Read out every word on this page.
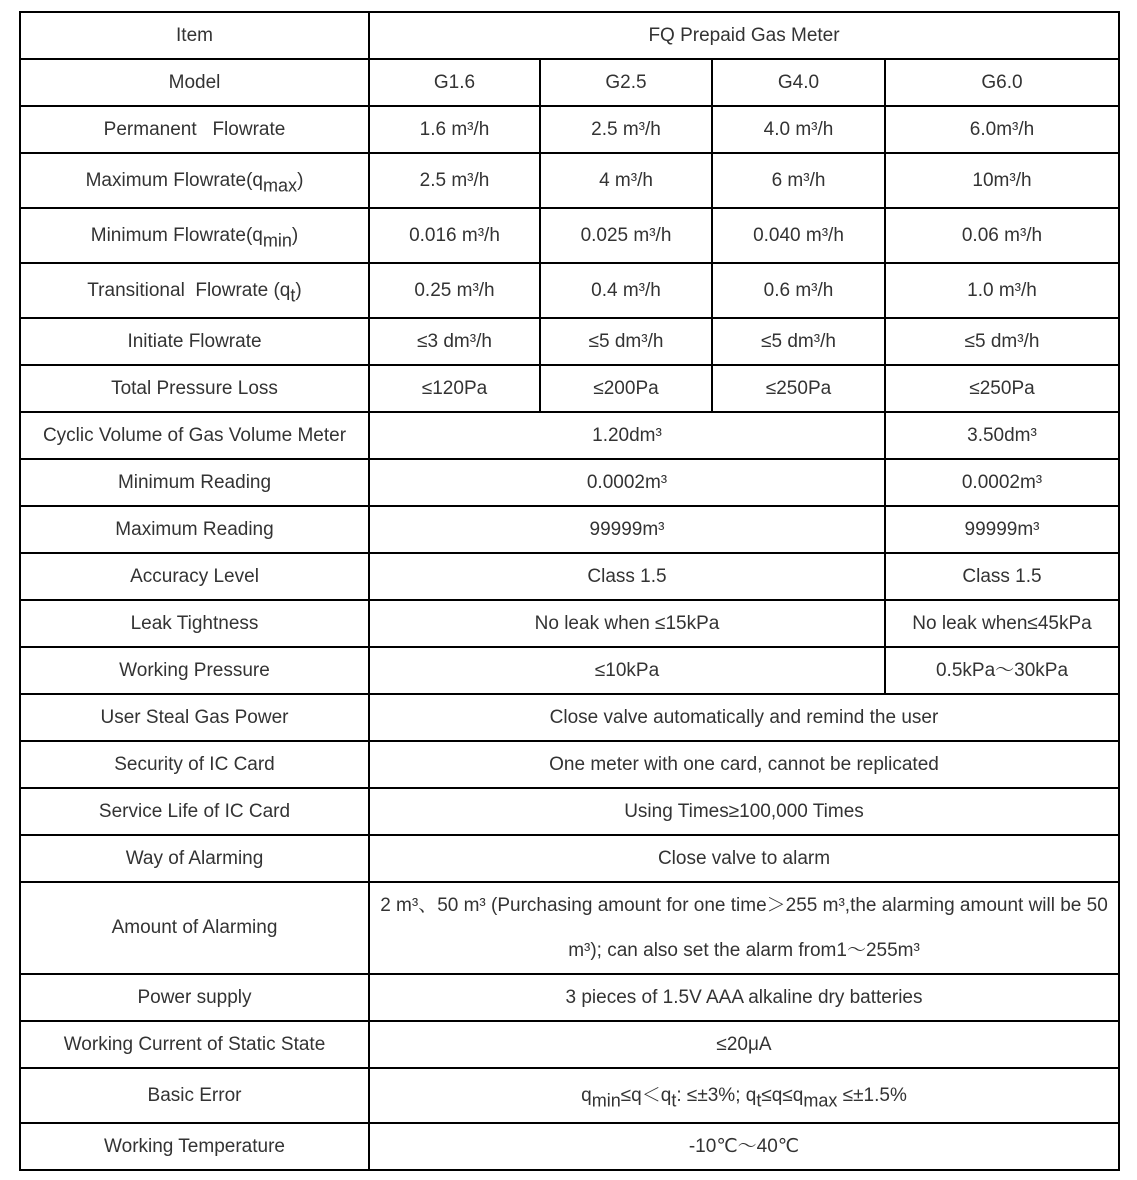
Item	FQ Prepaid Gas Meter			
Model	G1.6	G2.5	G4.0	G6.0
Permanent   Flowrate	1.6 m³/h	2.5 m³/h	4.0 m³/h	6.0m³/h
Maximum $Flowrate(q_{max})$	2.5 m³/h	4 m³/h	6 m³/h	10m³/h
Minimum $Flowrate(q_{min})$	0.016 m³/h	0.025 m³/h	0.040 m³/h	0.06 m³/h
Transitional  Flowrate $(q_t)$	0.25 m³/h	0.4 m³/h	0.6 m³/h	1.0 m³/h
Initiate Flowrate	≤3 dm³/h	≤5 dm³/h	≤5 dm³/h	≤5 dm³/h
Total Pressure Loss	≤120Pa	≤200Pa	≤250Pa	≤250Pa
Cyclic Volume of Gas Volume Meter	1.20dm³			3.50dm³
Minimum Reading	0.0002m³			0.0002m³
Maximum Reading	99999m³			99999m³
Accuracy Level	Class 1.5			Class 1.5
Leak Tightness	No leak when ≤15kPa			No leak when≤45kPa
Working Pressure	≤10kPa			0.5kPa～30kPa
User Steal Gas Power	Close valve automatically and remind the user			
Security of IC Card	One meter with one card, cannot be replicated			
Service Life of IC Card	Using Times≥100,000 Times			
Way of Alarming	Close valve to alarm			
Amount of Alarming	2 m³、50 m³ (Purchasing amount for one time＞255 m³,the alarming amount will be 50 m³); can also set the alarm from1～255m³			
Power supply	3 pieces of 1.5V AAA alkaline dry batteries			
Working Current of Static State	≤20μA			
Basic Error	$q_{min}\le q<q_t$: ≤±3%; $q_t\le q\le q_{max} \le\pm 1.5\%$			
Working Temperature	-10℃～40℃			
